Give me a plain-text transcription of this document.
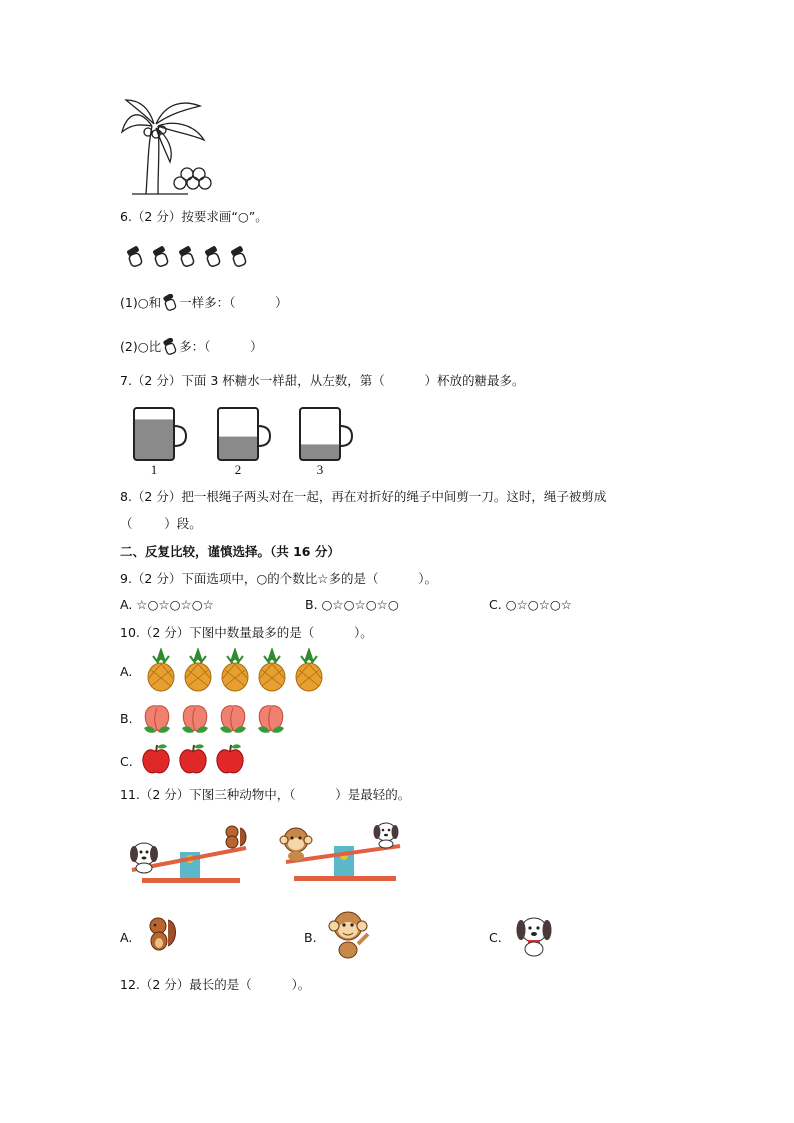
6.（2 分）按要求画“○”。
(1)○和 一样多：（          ）
(2)○比 多：（          ）
7.（2 分）下面 3 杯糖水一样甜，从左数，第（          ）杯放的糖最多。
1	2	3
8.（2 分）把一根绳子两头对在一起，再在对折好的绳子中间剪一刀。这时，绳子被剪成
（        ）段。
二、反复比较，谨慎选择。（共 16 分）
9.（2 分）下面选项中，○的个数比☆多的是（          ）。
A. ☆○☆○☆○☆	B. ○☆○☆○☆○	C. ○☆○☆○☆
10.（2 分）下图中数量最多的是（          ）。
A.
B.
C.
11.（2 分）下图三种动物中，（          ）是最轻的。
A.	B.	C.
12.（2 分）最长的是（          ）。
